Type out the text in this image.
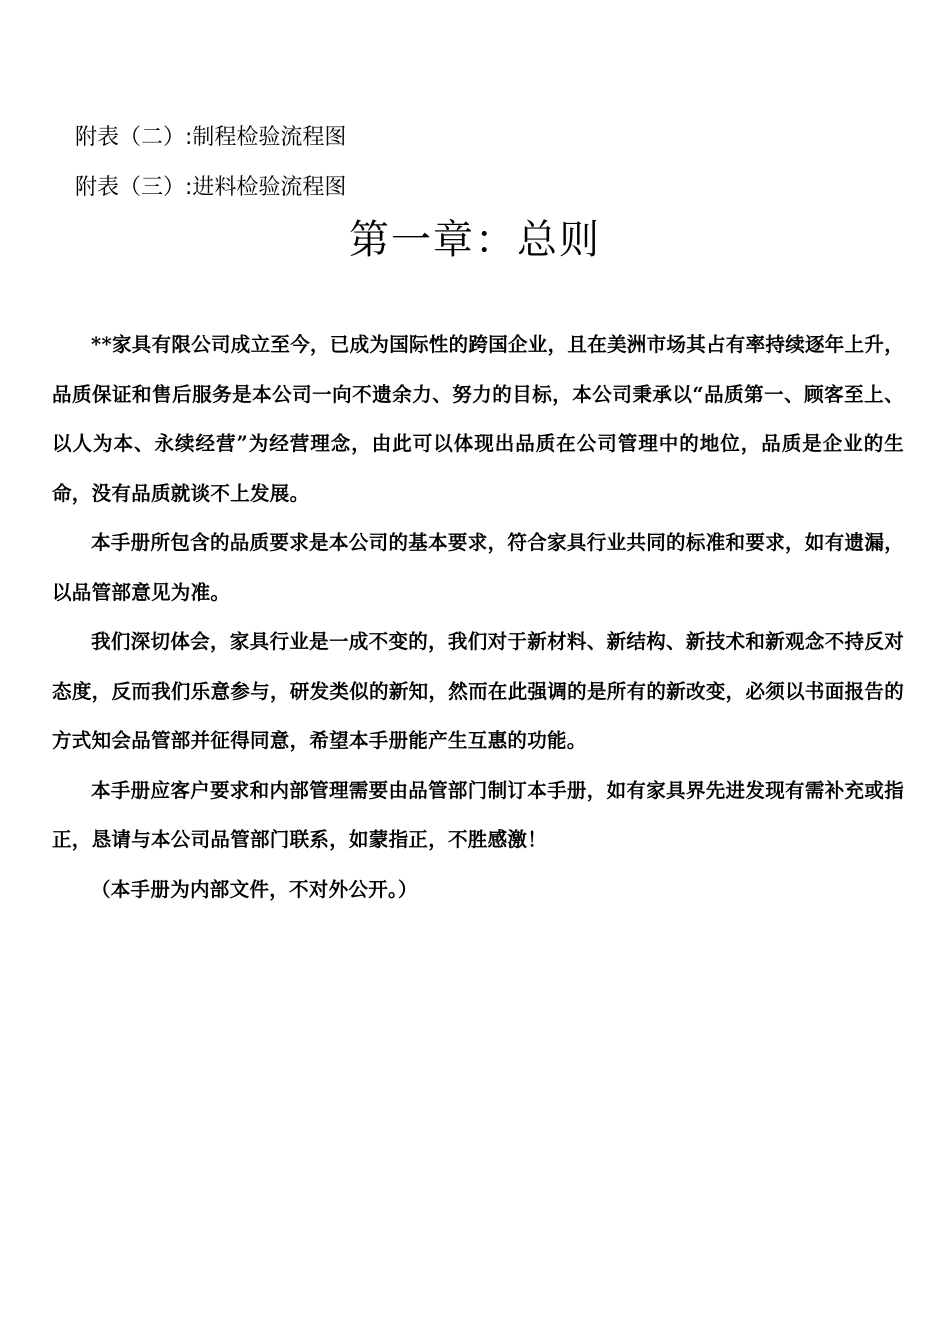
附表（二）:制程检验流程图
附表（三）:进料检验流程图
第一章：总则

**家具有限公司成立至今，已成为国际性的跨国企业，且在美洲市场其占有率持续逐年上升，品质保证和售后服务是本公司一向不遗余力、努力的目标，本公司秉承以“品质第一、顾客至上、以人为本、永续经营”为经营理念，由此可以体现出品质在公司管理中的地位，品质是企业的生命，没有品质就谈不上发展。

本手册所包含的品质要求是本公司的基本要求，符合家具行业共同的标准和要求，如有遗漏，以品管部意见为准。

我们深切体会，家具行业是一成不变的，我们对于新材料、新结构、新技术和新观念不持反对态度，反而我们乐意参与，研发类似的新知，然而在此强调的是所有的新改变，必须以书面报告的方式知会品管部并征得同意，希望本手册能产生互惠的功能。

本手册应客户要求和内部管理需要由品管部门制订本手册，如有家具界先进发现有需补充或指正，恳请与本公司品管部门联系，如蒙指正，不胜感激！

（本手册为内部文件，不对外公开。）
